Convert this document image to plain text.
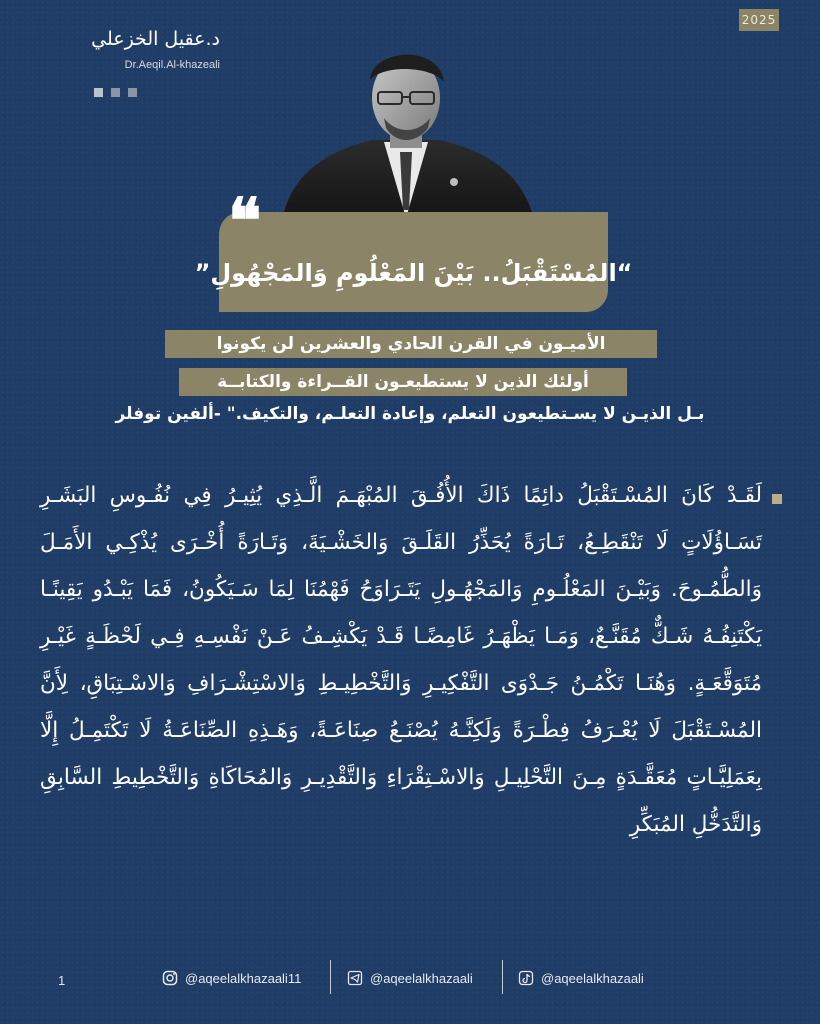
2025
د.عقيل الخزعلي
Dr.Aeqil.Al-khazeali
“المُسْتَقْبَلُ.. بَيْنَ المَعْلُومِ وَالمَجْهُولِ”
❝
الأميـون في القرن الحادي والعشرين لن يكونوا
أولئك الذين لا يستطيعـون القــراءة والكتابــة
بـل الذيـن لا يسـتطيعون التعلم، وإعادة التعلـم، والتكيف." -ألفين توفلر
لَقَـدْ كَانَ المُسْـتَقْبَلُ دائِمًا ذَاكَ الأُفُـقَ المُبْهَـمَ الَّـذِي يُثِيـرُ فِي نُفُـوسِ البَشَـرِ تَسَـاؤُلَاتٍ لَا تَنْقَطِـعُ، تَـارَةً يُحَذِّرُ القَلَـقَ وَالخَشْـيَةَ، وَتَـارَةً أُخْـرَى يُذْكِـي الأَمَـلَ وَالطُّمُـوحَ. وَبَيْـنَ المَعْلُـومِ وَالمَجْهُـولِ يَتَـرَاوَحُ فَهْمُنَا لِمَا سَـيَكُونُ، فَمَا يَبْـدُو يَقِينًـا يَكْتَنِفُـهُ شَـكٌّ مُقَنَّـعٌ، وَمَـا يَظْهَـرُ غَامِضًـا قَـدْ يَكْشِـفُ عَـنْ نَفْسِـهِ فِـي لَحْظَـةٍ غَيْـرِ مُتَوَقَّعَـةٍ. وَهُنَـا تَكْمُـنُ جَـدْوَى التَّفْكِيـرِ وَالتَّخْطِيـطِ وَالاسْتِشْـرَافِ وَالاسْـتِبَاقِ، لِأَنَّ المُسْـتَقْبَلَ لَا يُعْـرَفُ فِطْـرَةً وَلَكِنَّـهُ يُصْنَـعُ صِنَاعَـةً، وَهَـذِهِ الصِّنَاعَـةُ لَا تَكْتَمِـلُ إِلَّا بِعَمَلِيَّـاتٍ مُعَقَّـدَةٍ مِـنَ التَّحْلِيـلِ وَالاسْـتِقْرَاءِ وَالتَّقْدِيـرِ وَالمُحَاكَاةِ وَالتَّخْطِيطِ السَّابِقِ وَالتَّدَخُّلِ المُبَكِّرِ
1	@aqeelalkhazaali11	@aqeelalkhazaali	@aqeelalkhazaali
